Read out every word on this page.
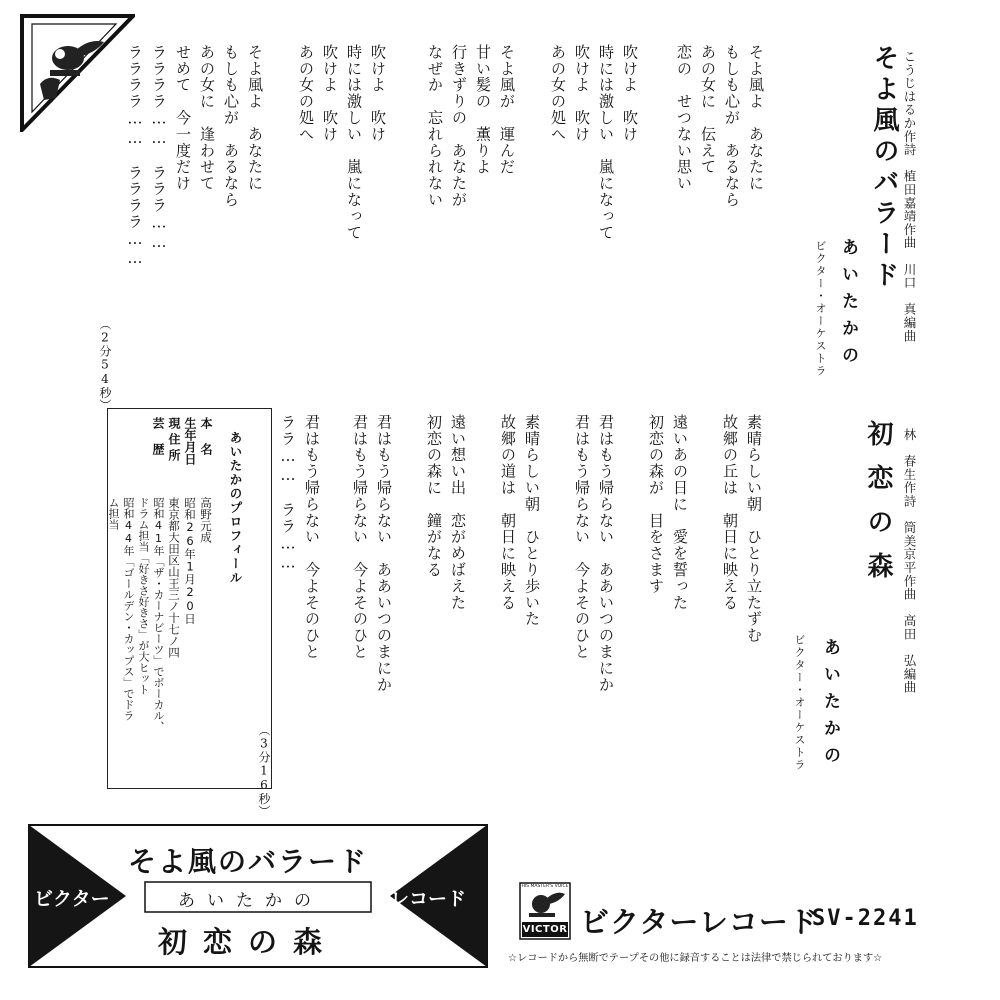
こうじはるか作詩　植田嘉靖作曲　川口　真編曲
そよ風のバラード
あいたかの
ビクター・オーケストラ
そよ風よ　あなたに
もしも心が　あるなら
あの女に　伝えて
恋の　せつない思い
吹けよ　吹け
時には激しい　嵐になって
吹けよ　吹け
あの女の処へ
そよ風が　運んだ
甘い髪の　薫りよ
行きずりの　あなたが
なぜか　忘れられない
吹けよ　吹け
時には激しい　嵐になって
吹けよ　吹け
あの女の処へ
そよ風よ　あなたに
もしも心が　あるなら
あの女に　逢わせて
せめて　今一度だけ
ララララ……　ラララ……
ララララ……　ララララ……
（2分54秒）
林　春生作詩　筒美京平作曲　高田　弘編曲
初恋の森
あいたかの
ビクター・オーケストラ
素晴らしい朝　ひとり立たずむ
故郷の丘は　朝日に映える
遠いあの日に　愛を誓った
初恋の森が　目をさます
君はもう帰らない　ああいつのまにか
君はもう帰らない　今よそのひと
素晴らしい朝　ひとり歩いた
故郷の道は　朝日に映える
遠い想い出　恋がめばえた
初恋の森に　鐘がなる
君はもう帰らない　ああいつのまにか
君はもう帰らない　今よそのひと
君はもう帰らない　今よそのひと
ララ……　ララ……
（3分16秒）
あいたかのプロフィール
本名
高野元成
生年月日
昭和26年1月20日
現住所
東京都大田区山王三ノ十七ノ四
芸歴
昭和41年「ザ・カーナビーツ」でボーカル、
ドラム担当「好きさ好きさ」が大ヒット
昭和44年「ゴールデン・カップス」でドラ
ム担当
ビクター	レコード
そよ風のバラード
あいたかの
初恋の森
HIS MASTER'S VOICE
VICTOR ビクターレコード
SV-2241
☆レコードから無断でテープその他に録音することは法律で禁じられております☆
